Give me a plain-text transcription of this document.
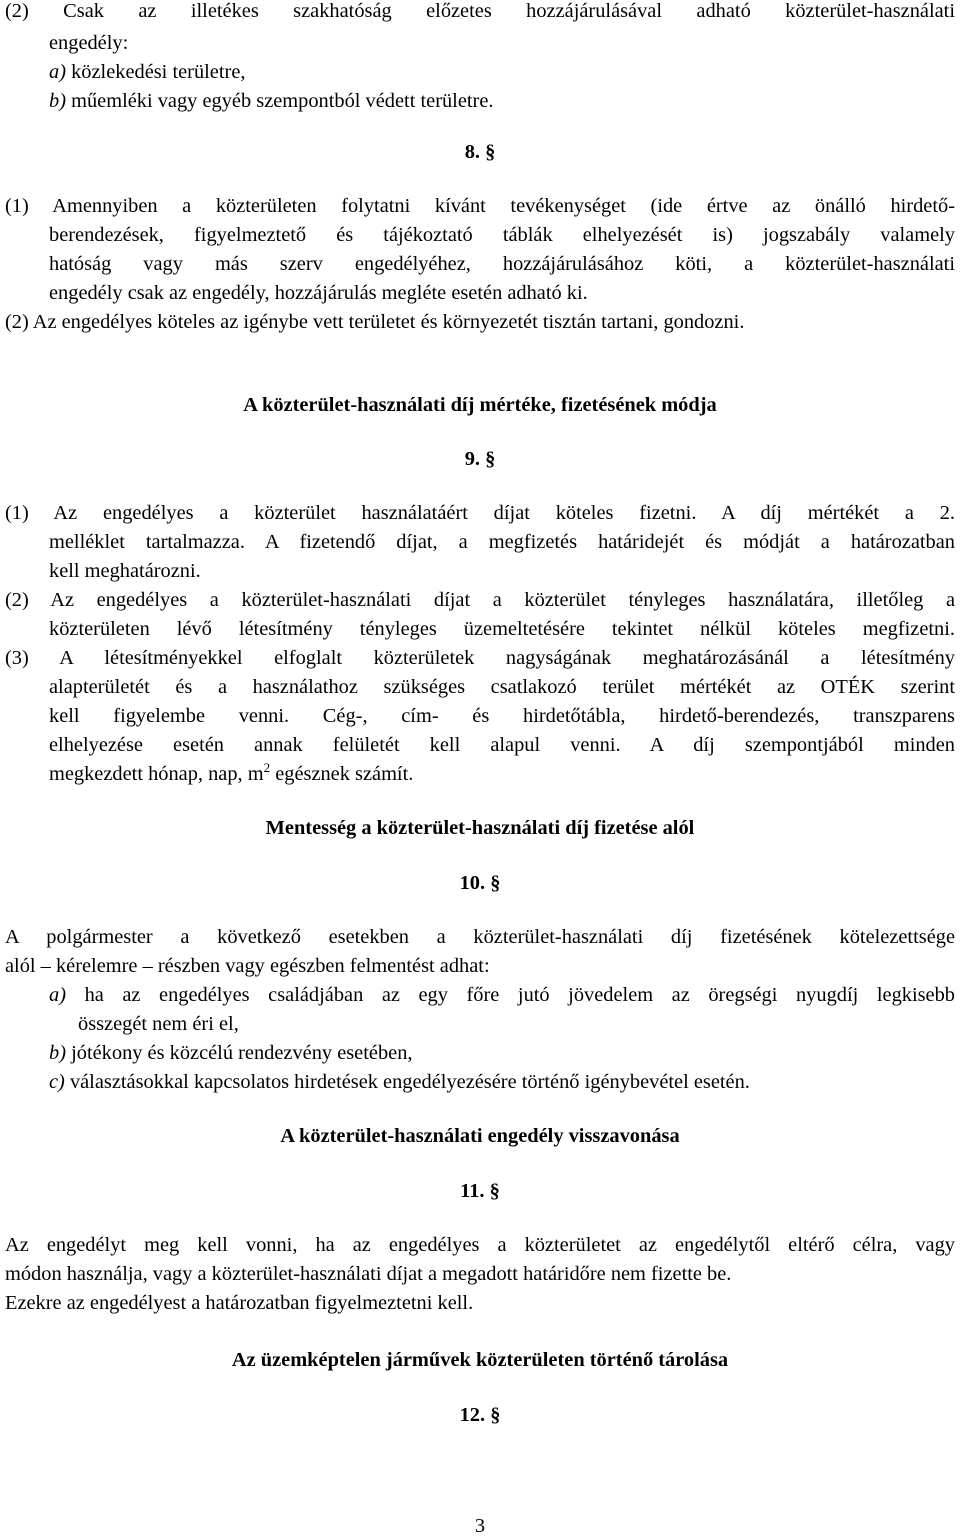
(2) Csak az illetékes szakhatóság előzetes hozzájárulásával adható közterület-használati
engedély:
a) közlekedési területre,
b) műemléki vagy egyéb szempontból védett területre.
8. §
(1) Amennyiben a közterületen folytatni kívánt tevékenységet (ide értve az önálló hirdető-
berendezések, figyelmeztető és tájékoztató táblák elhelyezését is) jogszabály valamely
hatóság vagy más szerv engedélyéhez, hozzájárulásához köti, a közterület-használati
engedély csak az engedély, hozzájárulás megléte esetén adható ki.
(2) Az engedélyes köteles az igénybe vett területet és környezetét tisztán tartani, gondozni.
A közterület-használati díj mértéke, fizetésének módja
9. §
(1) Az engedélyes a közterület használatáért díjat köteles fizetni. A díj mértékét a 2.
melléklet tartalmazza. A fizetendő díjat, a megfizetés határidejét és módját a határozatban
kell meghatározni.
(2) Az engedélyes a közterület-használati díjat a közterület tényleges használatára, illetőleg a
közterületen lévő létesítmény tényleges üzemeltetésére tekintet nélkül köteles megfizetni.
(3) A létesítményekkel elfoglalt közterületek nagyságának meghatározásánál a létesítmény
alapterületét és a használathoz szükséges csatlakozó terület mértékét az OTÉK szerint
kell figyelembe venni. Cég-, cím- és hirdetőtábla, hirdető-berendezés, transzparens
elhelyezése esetén annak felületét kell alapul venni. A díj szempontjából minden
megkezdett hónap, nap, $m^2$ egésznek számít.
Mentesség a közterület-használati díj fizetése alól
10. §
A polgármester a következő esetekben a közterület-használati díj fizetésének kötelezettsége
alól – kérelemre – részben vagy egészben felmentést adhat:
a) ha az engedélyes családjában az egy főre jutó jövedelem az öregségi nyugdíj legkisebb
összegét nem éri el,
b) jótékony és közcélú rendezvény esetében,
c) választásokkal kapcsolatos hirdetések engedélyezésére történő igénybevétel esetén.
A közterület-használati engedély visszavonása
11. §
Az engedélyt meg kell vonni, ha az engedélyes a közterületet az engedélytől eltérő célra, vagy
módon használja, vagy a közterület-használati díjat a megadott határidőre nem fizette be.
Ezekre az engedélyest a határozatban figyelmeztetni kell.
Az üzemképtelen járművek közterületen történő tárolása
12. §
3
